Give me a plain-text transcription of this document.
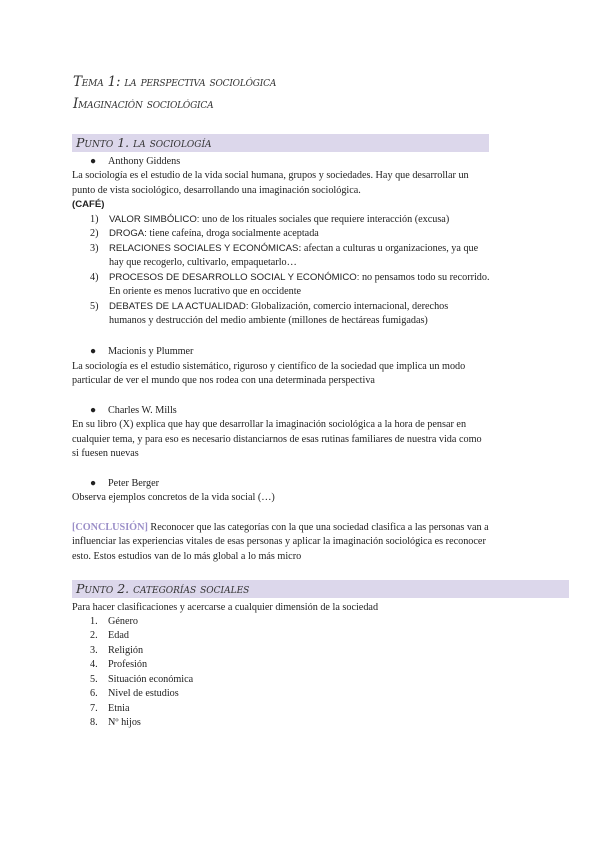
Tema 1: la perspectiva sociológica
Imaginación sociológica
Punto 1. la sociología
● Anthony Giddens
La sociología es el estudio de la vida social humana, grupos y sociedades. Hay que desarrollar un
punto de vista sociológico, desarrollando una imaginación sociológica.
(CAFÉ)
1) VALOR SIMBÓLICO: uno de los rituales sociales que requiere interacción (excusa)
2) DROGA: tiene cafeína, droga socialmente aceptada
3) RELACIONES SOCIALES Y ECONÓMICAS: afectan a culturas u organizaciones, ya que
hay que recogerlo, cultivarlo, empaquetarlo…
4) PROCESOS DE DESARROLLO SOCIAL Y ECONÓMICO: no pensamos todo su recorrido.
En oriente es menos lucrativo que en occidente
5) DEBATES DE LA ACTUALIDAD: Globalización, comercio internacional, derechos
humanos y destrucción del medio ambiente (millones de hectáreas fumigadas)
● Macionis y Plummer
La sociología es el estudio sistemático, riguroso y científico de la sociedad que implica un modo
particular de ver el mundo que nos rodea con una determinada perspectiva
● Charles W. Mills
En su libro (X) explica que hay que desarrollar la imaginación sociológica a la hora de pensar en
cualquier tema, y para eso es necesario distanciarnos de esas rutinas familiares de nuestra vida como
si fuesen nuevas
● Peter Berger
Observa ejemplos concretos de la vida social (…)
[CONCLUSIÓN] Reconocer que las categorías con la que una sociedad clasifica a las personas van a
influenciar las experiencias vitales de esas personas y aplicar la imaginación sociológica es reconocer
esto. Estos estudios van de lo más global a lo más micro
Punto 2. categorías sociales
Para hacer clasificaciones y acercarse a cualquier dimensión de la sociedad
1. Género
2. Edad
3. Religión
4. Profesión
5. Situación económica
6. Nivel de estudios
7. Etnia
8. Nº hijos
